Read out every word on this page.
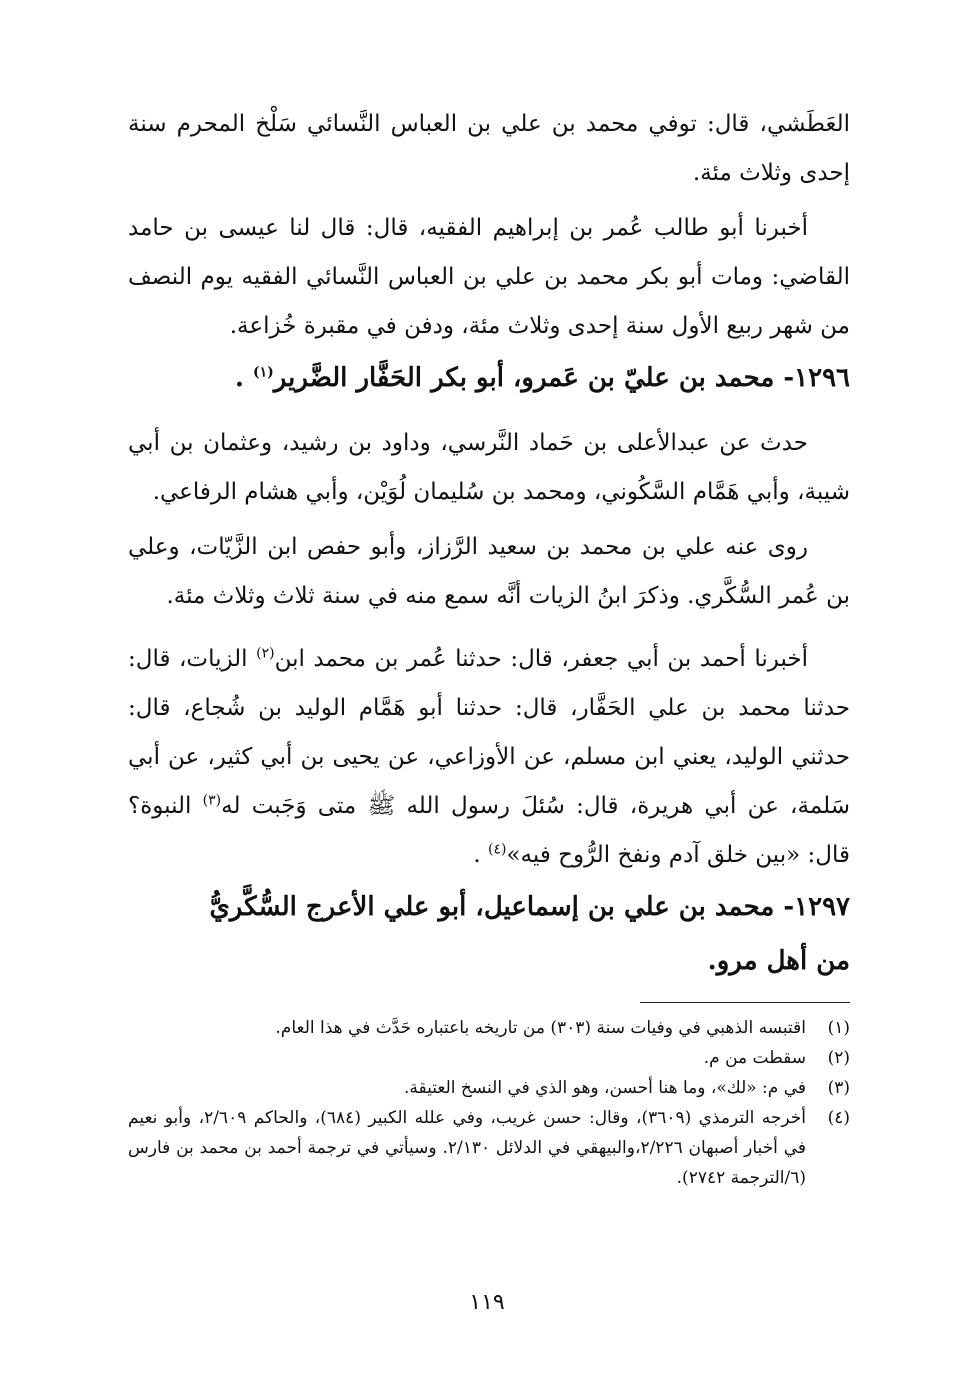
العَطَشي، قال: توفي محمد بن علي بن العباس النَّسائي سَلْخ المحرم سنة إحدى وثلاث مئة.

أخبرنا أبو طالب عُمر بن إبراهيم الفقيه، قال: قال لنا عيسى بن حامد القاضي: ومات أبو بكر محمد بن علي بن العباس النَّسائي الفقيه يوم النصف من شهر ربيع الأول سنة إحدى وثلاث مئة، ودفن في مقبرة خُزاعة.

١٢٩٦- محمد بن عليّ بن عَمرو، أبو بكر الحَفَّار الضَّرير$^{(١)}$ .

حدث عن عبدالأعلى بن حَماد النَّرسي، وداود بن رشيد، وعثمان بن أبي شيبة، وأبي هَمَّام السَّكُوني، ومحمد بن سُليمان لُوَيْن، وأبي هشام الرفاعي.

روى عنه علي بن محمد بن سعيد الرَّزاز، وأبو حفص ابن الزَّيّات، وعلي بن عُمر السُّكَّري. وذكرَ ابنُ الزيات أنَّه سمع منه في سنة ثلاث وثلاث مئة.

أخبرنا أحمد بن أبي جعفر، قال: حدثنا عُمر بن محمد ابن$^{(٢)}$ الزيات، قال: حدثنا محمد بن علي الحَفَّار، قال: حدثنا أبو هَمَّام الوليد بن شُجاع، قال: حدثني الوليد، يعني ابن مسلم، عن الأوزاعي، عن يحيى بن أبي كثير، عن أبي سَلمة، عن أبي هريرة، قال: سُئلَ رسول الله ﷺ متى وَجَبت له$^{(٣)}$ النبوة؟ قال: «بين خلق آدم ونفخ الرُّوح فيه»$^{(٤)}$ .

١٢٩٧- محمد بن علي بن إسماعيل، أبو علي الأعرج السُّكَّريُّ

من أهل مرو.

(١)
اقتبسه الذهبي في وفيات سنة (٣٠٣) من تاريخه باعتباره حَدَّث في هذا العام.
(٢)
سقطت من م.
(٣)
في م: «لك»، وما هنا أحسن، وهو الذي في النسخ العتيقة.
(٤)
أخرجه الترمذي (٣٦٠٩)، وقال: حسن غريب، وفي علله الكبير (٦٨٤)، والحاكم ٢/٦٠٩، وأبو نعيم في أخبار أصبهان ٢/٢٢٦،والبيهقي في الدلائل ٢/١٣٠. وسيأتي في ترجمة أحمد بن محمد بن فارس (٦/الترجمة ٢٧٤٢).
١١٩
